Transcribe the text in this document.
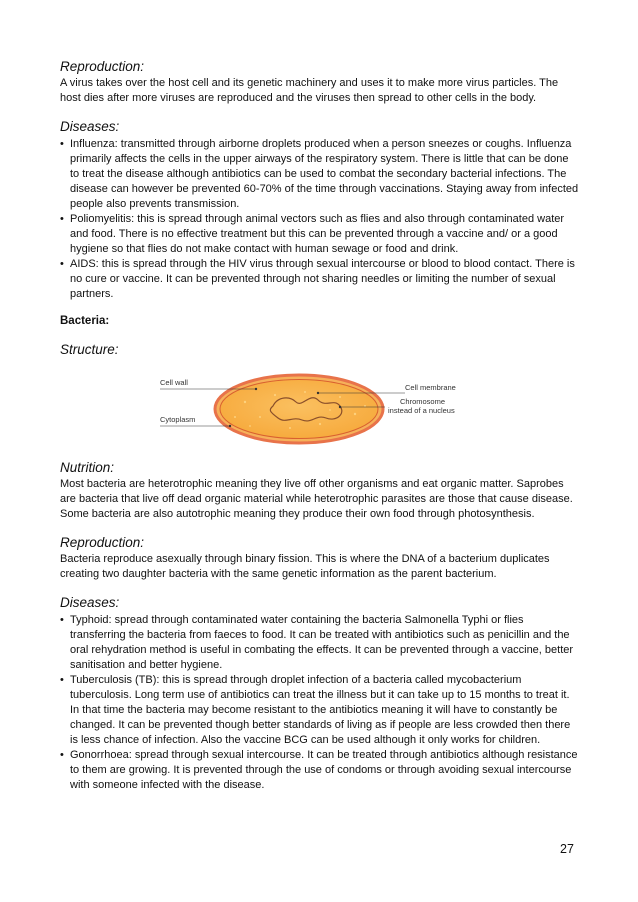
Reproduction:

A virus takes over the host cell and its genetic machinery and uses it to make more virus particles. The host dies after more viruses are reproduced and the viruses then spread to other cells in the body.

Diseases:

• Influenza: transmitted through airborne droplets produced when a person sneezes or coughs. Influenza primarily affects the cells in the upper airways of the respiratory system. There is little that can be done to treat the disease although antibiotics can be used to combat the secondary bacterial infections. The disease can however be prevented 60-70% of the time through vaccinations. Staying away from infected people also prevents transmission.
• Poliomyelitis: this is spread through animal vectors such as flies and also through contaminated water and food. There is no effective treatment but this can be prevented through a vaccine and/ or a good hygiene so that flies do not make contact with human sewage or food and drink.
• AIDS: this is spread through the HIV virus through sexual intercourse or blood to blood contact. There is no cure or vaccine. It can be prevented through not sharing needles or limiting the number of sexual partners.

Bacteria:

Structure:

Cell wall
Cytoplasm
Cell membrane
Chromosome
instead of a nucleus

Nutrition:

Most bacteria are heterotrophic meaning they live off other organisms and eat organic matter. Saprobes are bacteria that live off dead organic material while heterotrophic parasites are those that cause disease. Some bacteria are also autotrophic meaning they produce their own food through photosynthesis.

Reproduction:

Bacteria reproduce asexually through binary fission. This is where the DNA of a bacterium duplicates creating two daughter bacteria with the same genetic information as the parent bacterium.

Diseases:

• Typhoid: spread through contaminated water containing the bacteria Salmonella Typhi or flies transferring the bacteria from faeces to food. It can be treated with antibiotics such as penicillin and the oral rehydration method is useful in combating the effects. It can be prevented through a vaccine, better sanitisation and better hygiene.
• Tuberculosis (TB): this is spread through droplet infection of a bacteria called mycobacterium tuberculosis. Long term use of antibiotics can treat the illness but it can take up to 15 months to treat it. In that time the bacteria may become resistant to the antibiotics meaning it will have to constantly be changed. It can be prevented though better standards of living as if people are less crowded then there is less chance of infection. Also the vaccine BCG can be used although it only works for children.
• Gonorrhoea: spread through sexual intercourse. It can be treated through antibiotics although resistance to them are growing. It is prevented through the use of condoms or through avoiding sexual intercourse with someone infected with the disease.
27
